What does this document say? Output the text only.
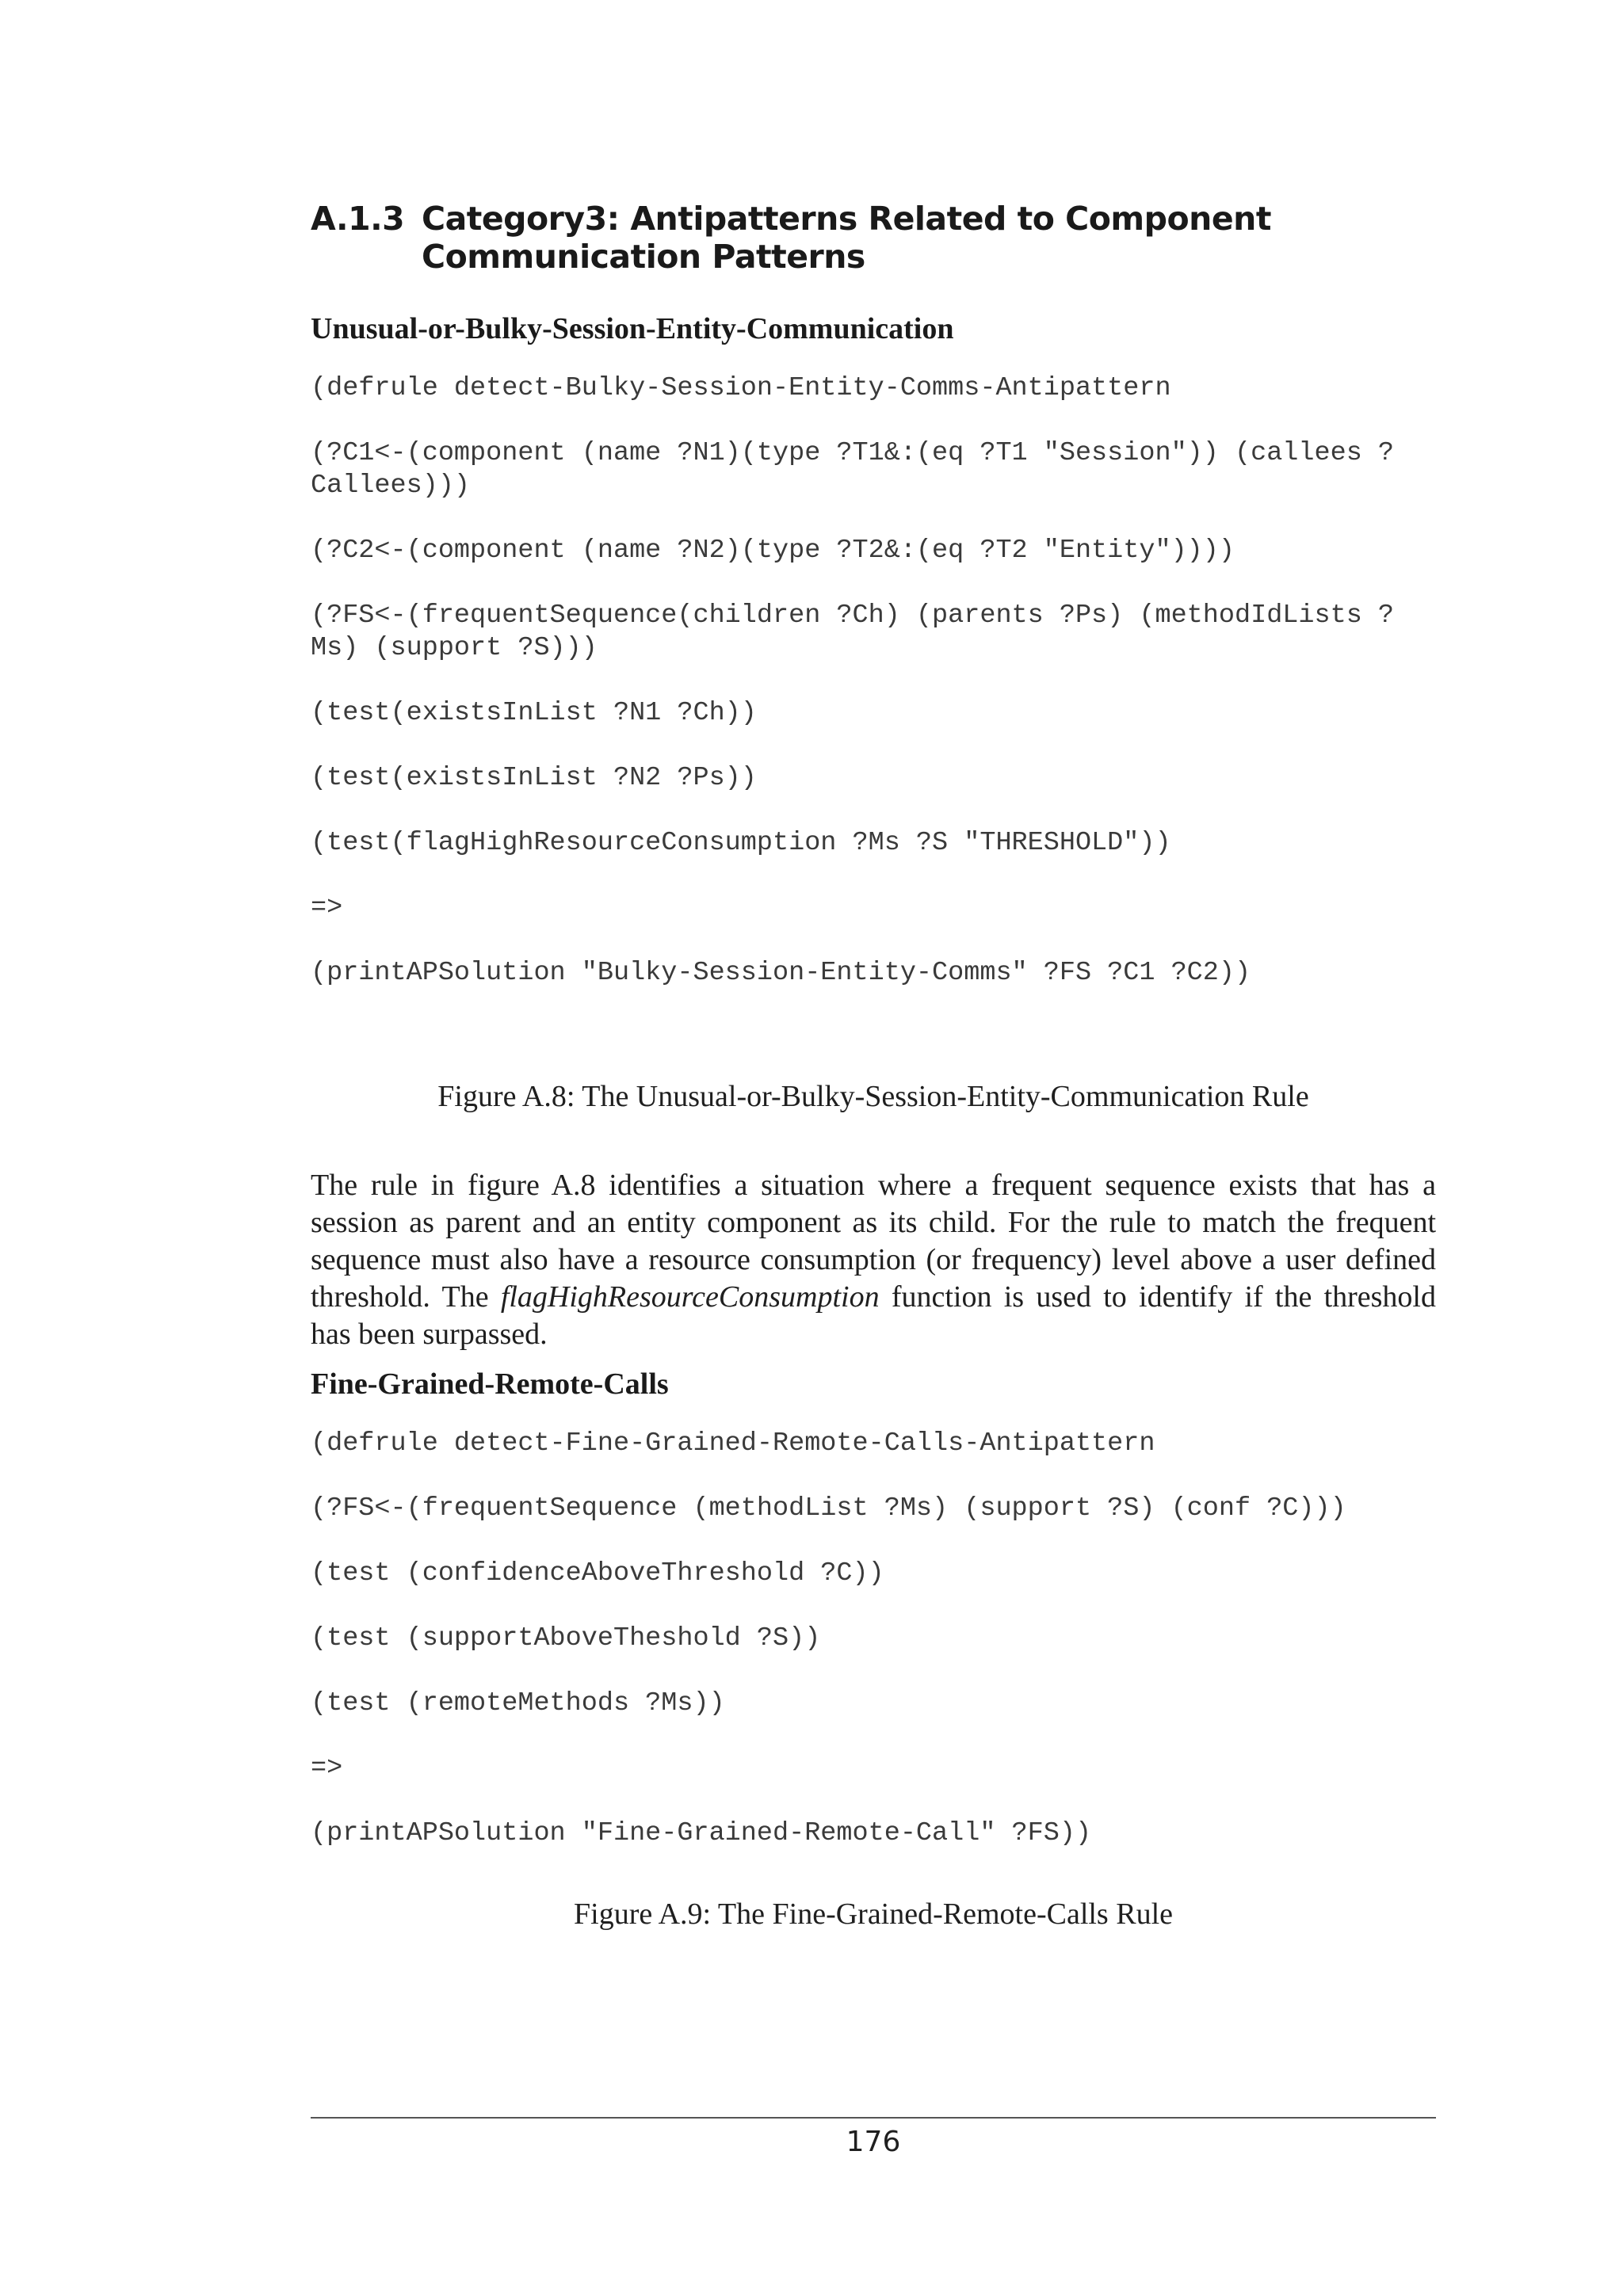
A.1.3 Category3: Antipatterns Related to Component Communication Patterns
Unusual-or-Bulky-Session-Entity-Communication

(defrule detect-Bulky-Session-Entity-Comms-Antipattern

(?C1<-(component (name ?N1)(type ?T1&:(eq ?T1 "Session")) (callees ?Callees)))

(?C2<-(component (name ?N2)(type ?T2&:(eq ?T2 "Entity"))))

(?FS<-(frequentSequence(children ?Ch) (parents ?Ps) (methodIdLists ?Ms) (support ?S)))

(test(existsInList ?N1 ?Ch))

(test(existsInList ?N2 ?Ps))

(test(flagHighResourceConsumption ?Ms ?S "THRESHOLD"))

=>

(printAPSolution "Bulky-Session-Entity-Comms" ?FS ?C1 ?C2))

Figure A.8: The Unusual-or-Bulky-Session-Entity-Communication Rule

The rule in figure A.8 identifies a situation where a frequent sequence exists that has a session as parent and an entity component as its child. For the rule to match the frequent sequence must also have a resource consumption (or frequency) level above a user defined threshold. The flagHighResourceConsumption function is used to identify if the threshold has been surpassed.

Fine-Grained-Remote-Calls

(defrule detect-Fine-Grained-Remote-Calls-Antipattern

(?FS<-(frequentSequence (methodList ?Ms) (support ?S) (conf ?C)))

(test (confidenceAboveThreshold ?C))

(test (supportAboveTheshold ?S))

(test (remoteMethods ?Ms))

=>

(printAPSolution "Fine-Grained-Remote-Call" ?FS))

Figure A.9: The Fine-Grained-Remote-Calls Rule

176
